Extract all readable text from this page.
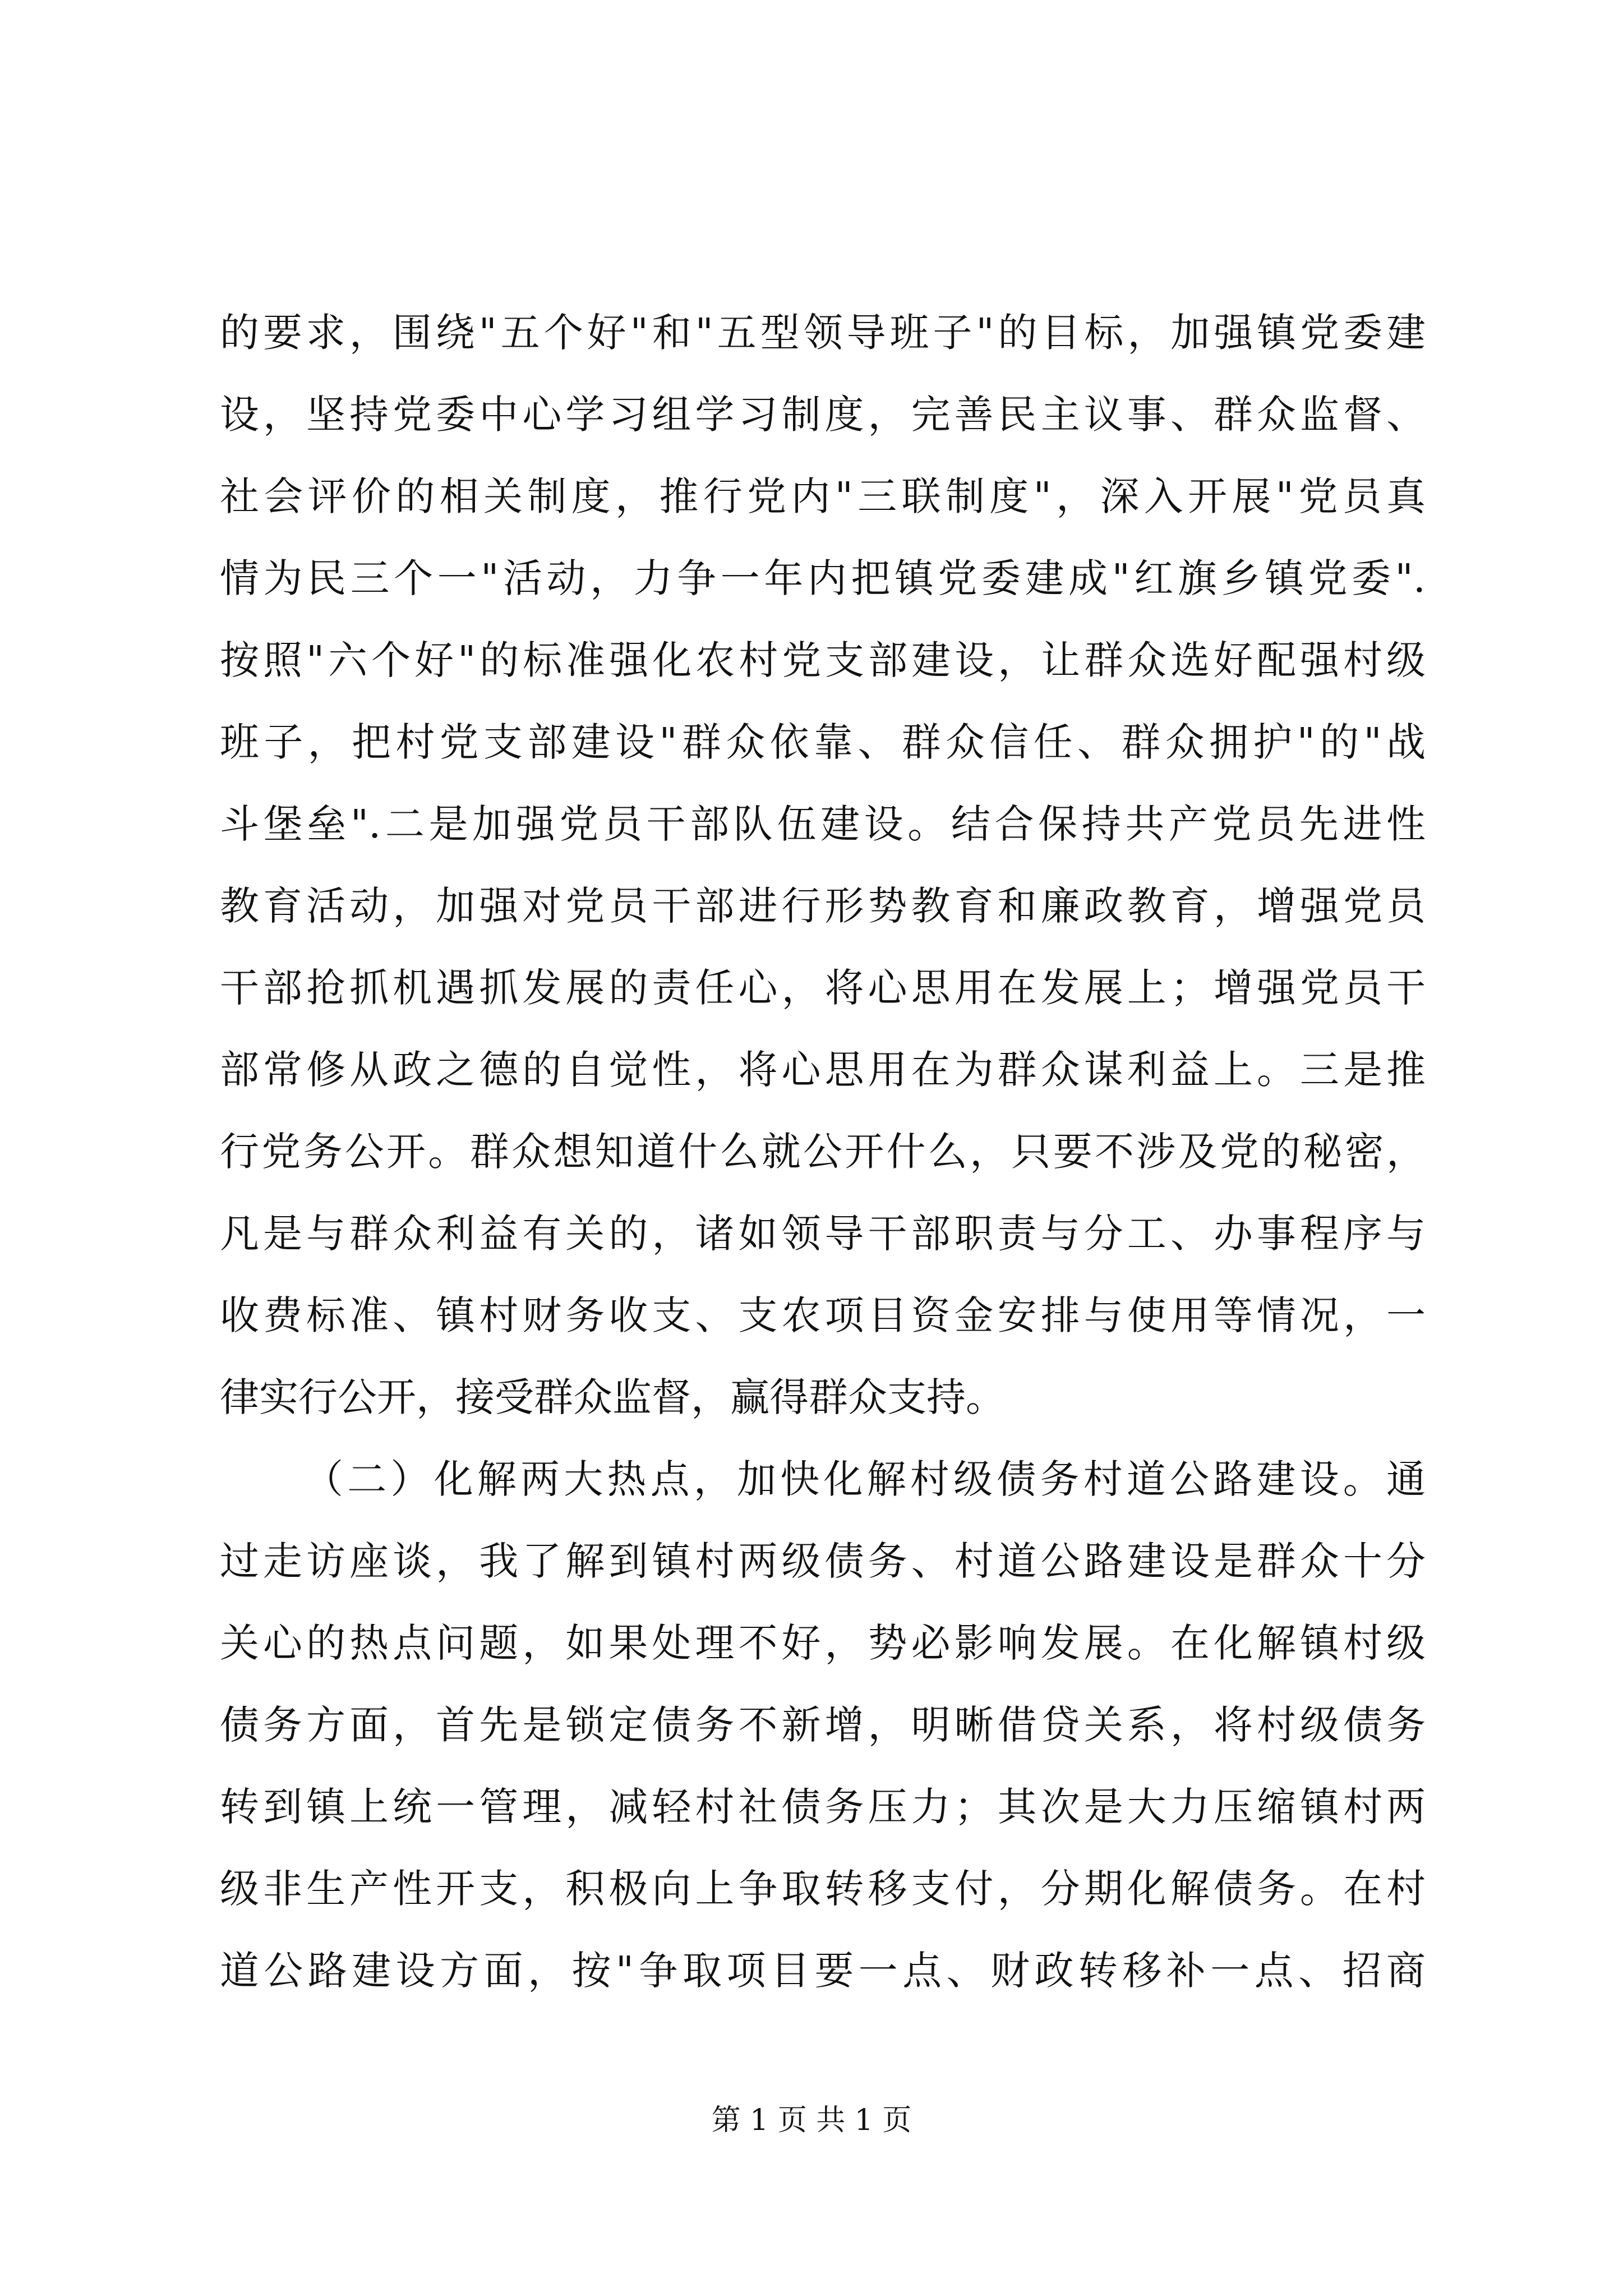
的要求，围绕"五个好"和"五型领导班子"的目标，加强镇党委建
设，坚持党委中心学习组学习制度，完善民主议事、群众监督、
社会评价的相关制度，推行党内"三联制度"，深入开展"党员真
情为民三个一"活动，力争一年内把镇党委建成"红旗乡镇党委".
按照"六个好"的标准强化农村党支部建设，让群众选好配强村级
班子，把村党支部建设"群众依靠、群众信任、群众拥护"的"战
斗堡垒".二是加强党员干部队伍建设。结合保持共产党员先进性
教育活动，加强对党员干部进行形势教育和廉政教育，增强党员
干部抢抓机遇抓发展的责任心，将心思用在发展上；增强党员干
部常修从政之德的自觉性，将心思用在为群众谋利益上。三是推
行党务公开。群众想知道什么就公开什么，只要不涉及党的秘密，
凡是与群众利益有关的，诸如领导干部职责与分工、办事程序与
收费标准、镇村财务收支、支农项目资金安排与使用等情况，一
律实行公开，接受群众监督，赢得群众支持。
（二）化解两大热点，加快化解村级债务村道公路建设。通
过走访座谈，我了解到镇村两级债务、村道公路建设是群众十分
关心的热点问题，如果处理不好，势必影响发展。在化解镇村级
债务方面，首先是锁定债务不新增，明晰借贷关系，将村级债务
转到镇上统一管理，减轻村社债务压力；其次是大力压缩镇村两
级非生产性开支，积极向上争取转移支付，分期化解债务。在村
道公路建设方面，按"争取项目要一点、财政转移补一点、招商
第 1 页 共 1 页
